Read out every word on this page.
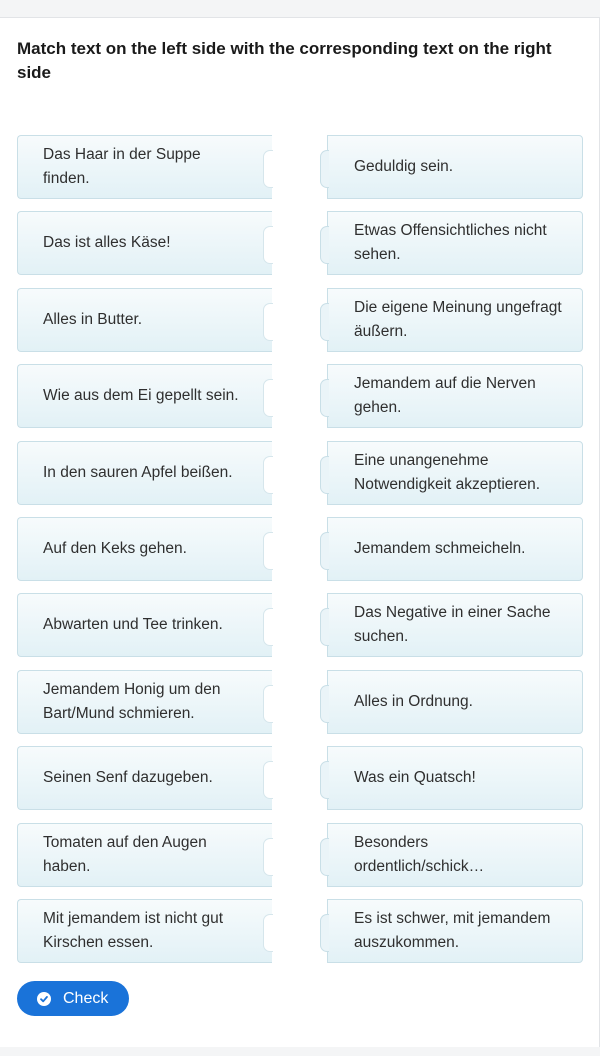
Match text on the left side with the corresponding text on the right side
Das Haar in der Suppe finden.
Geduldig sein.
Das ist alles Käse!
Etwas Offensichtliches nicht sehen.
Alles in Butter.
Die eigene Meinung ungefragt äußern.
Wie aus dem Ei gepellt sein.
Jemandem auf die Nerven gehen.
In den sauren Apfel beißen.
Eine unangenehme Notwendigkeit akzeptieren.
Auf den Keks gehen.	Jemandem schmeicheln.
Abwarten und Tee trinken.
Das Negative in einer Sache suchen.
Jemandem Honig um den Bart/Mund schmieren.
Alles in Ordnung.
Seinen Senf dazugeben.	Was ein Quatsch!
Tomaten auf den Augen haben.
Besonders ordentlich/schick…
Mit jemandem ist nicht gut Kirschen essen.
Es ist schwer, mit jemandem auszukommen.
Check
